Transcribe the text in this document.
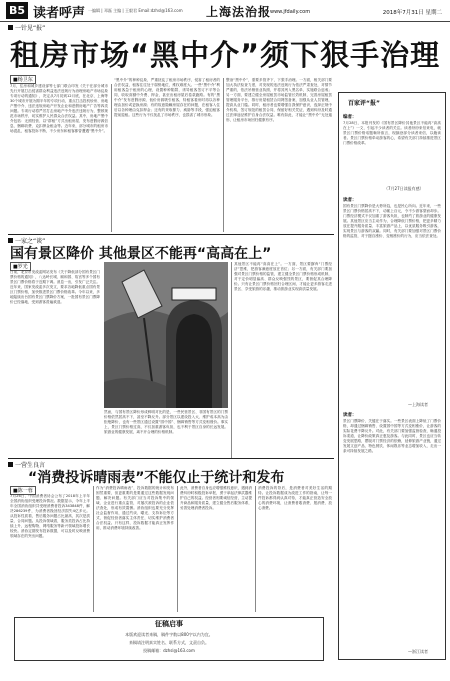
B5 读者呼声 一编辑 | 邓磊 主编 | 王毅君 Email:dzhsl@163.com 上海法治报
www.jfdaily.com	2018年7月31日 星期二
一针见“报”
租房市场“黑中介”须下狠手治理
■杨卫东
7月，住房和城乡建设部等七部门联合印发《关于在部分城市先行开展打击侵害群众利益违法违规行为治理房地产市场乱象专项行动的通知》，决定从7月初到12月底，在北京、上海等30个城市开展为期半年的专项行动，重点打击投机炒房、房地产黑中介、违法违规房地产开发企业和虚假房地产广告等四类问题。专项行动将严厉打击房地产中介违法违规行为，整顿规范市场秩序，切实维护人民群众合法权益。其中，房地产黑中介包括：无照经营、以“群租”方式出租房屋、发布虚假房源信息、捆绑收费、克扣押金租金等。近年来，部分城市的租房市场混乱，租客投诉不断，不少房东和租客都曾遭遇“黑中介”。
“黑中介”的种种乱象，严重扰乱了租房市场秩序，侵害了租房者的合法权益，租客往往处于弱势地位，维权难度大。一些“黑中介”利用租客急于租房的心理，设置种种陷阱，诱导租客签订不平等合同，收取高额中介费、押金，甚至出租房屋后卷款跑路。有的“黑中介”发布虚假房源、低价房源吸引租客，待租客看房时再以各种理由加价或更换房源；有的故意隐瞒房屋存在的问题，在租客入住后以各种理由克扣押金；还有的采取暴力、威胁等手段，强迫租客提前退租。这些行为不仅扰乱了市场秩序，也损害了城市形象。
整治“黑中介”，需要多管齐下，下狠手治理。一方面，相关部门要加大执法检查力度，对发现的违法违规行为依法严肃查处，对情节严重的，依法吊销营业执照，并将其列入黑名单，实施联合惩戒；另一方面，要建立健全房屋租赁市场监管长效机制，完善房屋租赁管理服务平台，推行房屋租赁合同网签备案，加强从业人员管理，提高从业门槛。同时，租房者也要增强自我保护意识，选择正规中介机构，签订规范的租赁合同，保留好相关凭证，遇到纠纷及时通过法律途径维护自身合法权益。唯有如此，才能让“黑中介”无处遁形，让租房市场回归健康有序。
百家评“报”
编者：
7月28日，本报刊发的《国有景区降价其他景区不能再“高高在上”》一文，引起不少读者的关注。读者纷纷来信来电，就景区门票价格话题畅所欲言，现摘登部分读者来信，以飨读者。景区门票价格牵动游客的心，希望有关部门持续推进景区门票价格改革。
（7月27日读报有感）
读者：
国有景区门票降价是大势所趋，也是民心所向。近年来，一些景区门票价格居高不下，动辄上百元，令不少游客望而却步。门票经济模式不仅加重了游客负担，也制约了旅游业的健康发展。其他景区应当主动作为，合理降低门票价格，把更多精力放在提升服务质量、丰富旅游产品上，以优质服务吸引游客，实现景区与游客的双赢。同时，有关部门要加强对景区门票价格的监管，对于擅自涨价、变相涨价的行为，应当依法查处。
—上海读者
读者：
景区门票降价，关键在于落实。一些景区表面上降低了门票价格，却通过捆绑销售、设置园中园等方式变相涨价，让游客的实际花费不降反升。对此，有关部门要加强监督检查，畅通投诉渠道，让降价政策真正惠及游客。与此同时，景区也应当转变发展思路，摆脱对门票经济的依赖，延伸旅游产业链，通过发展文创产品、特色餐饮、休闲娱乐等业态增加收入，走出一条可持续发展之路。
—浙江读者
一家之“谈”
国有景区降价 其他景区不能再“高高在上”
■罗光
日前，北京市发改委网站发布《关于降低部分国有景区门票价格的通知》，八达岭长城、颐和园、故宫等多个国有景区门票价格将于近期下调。消息一出，引发广泛关注。近年来，国家发改委多次发文，要求各地降低重点国有景区门票价格，加快推进景区门票价格改革。今年以来，多地陆续出台国有景区门票降价方案，一批国有景区门票降价已经落地，受到游客普遍欢迎。
资料图片
然而，与国有景区降价形成鲜明对比的是，一些民营景区、非国有景区的门票价格依然居高不下，甚至不降反升。部分景区以建设投入大、维护成本高为由拒绝降价，也有一些景区通过设置“园中园”、捆绑销售等方式变相涨价。事实上，景区门票价格过高，不仅加重游客负担，也不利于景区自身的长远发展。旅游业的健康发展，离不开合理的价格机制。
其他景区不能再“高高在上”。一方面，景区要摒弃“门票经济”思维，把游客满意度放在首位；另一方面，有关部门要加强对景区门票价格的监管，建立健全景区门票价格形成机制，对于定价明显偏高、群众反映强烈的景区，要督促其合理降价。只有让景区门票价格回归合理区间，才能让更多游客走进景区、享受旅游的乐趣，推动旅游业实现高质量发展。
一营生良言
“消费投诉晴雨表”不能仅止于统计和发布
■陈一蓉
7月26日，中国消费者协会公布了2018年上半年全国消协组织受理投诉情况。数据显示，今年上半年全国消协组织共受理消费者投诉343848件，解决286239件，为消费者挽回经济损失4亿多元。从投诉性质看，售后服务问题占比最高，其次是质量、合同问题。从投诉领域看，服务类投诉占比持续上升，远程购物、网络服务等新兴领域投诉增长较快。消协定期发布投诉数据，可以及时反映消费领域存在的突出问题。
作为“消费投诉晴雨表”，投诉数据的统计和发布固然重要，但更重要的是要通过这些数据发现问题、解决问题。有关部门应当对投诉集中的领域、企业进行重点监管，对屡次被投诉的企业依法查处，形成有效震慑。消协组织也要充分发挥社会监督作用，通过约谈、曝光、支持诉讼等方式，督促经营者落实主体责任，切实维护消费者合法权益。只有这样，投诉数据才能真正发挥作用，推动消费环境持续改善。
此外，消费者自身也应增强维权意识，遇到消费纠纷时积极投诉举报，勇于拿起法律武器维护自己的权益。经营者则要诚信经营，主动提升商品和服务质量，建立健全售后服务体系，妥善处理消费者投诉。
消费投诉的背后，是消费者对美好生活的期待。让投诉数据成为改进工作的指南，让每一件投诉都得到认真对待，才能真正营造安全放心的消费环境，让消费者敢消费、愿消费、放心消费。
征稿启事
本版欢迎读者来稿，稿件字数以800字以内为宜。
来稿请注明真实姓名、联系方式，文责自负。
投稿邮箱：dzhsl@163.com
